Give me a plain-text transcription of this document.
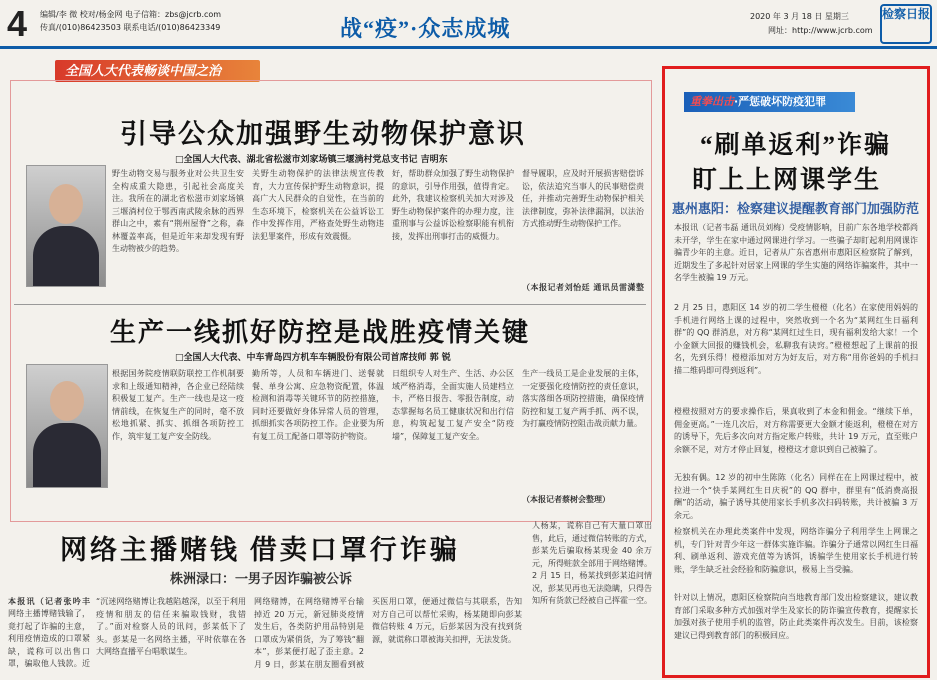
4 编辑/李 微 校对/杨金网 电子信箱：zbs@jcrb.com
传真/(010)86423503 联系电话/(010)86423349	战“疫”·众志成城	2020 年 3 月 18 日 星期三
网址：http://www.jcrb.com
检察日报
全国人大代表畅谈中国之治
引导公众加强野生动物保护意识
□全国人大代表、湖北省松滋市刘家场镇三堰淌村党总支书记 吉明东
野生动物交易与服务业对公共卫生安全构成重大隐患，引起社会高度关注。我所在的湖北省松滋市刘家场镇三堰淌村位于鄂西南武陵余脉的西界群山之中，素有“荆州屋脊”之称，森林覆盖率高，但是近年来却发现有野生动物被少的趋势。
关野生动物保护的法律法规宣传教育，大力宣传保护野生动物意识，提高广大人民群众的自觉性，在当前的生态环境下，检察机关在公益诉讼工作中发挥作用，严格查处野生动物违法犯罪案件，形成有效震慑。
好，帮助群众加强了野生动物保护的意识，引导作用强，值得肯定。此外，我建议检察机关加大对涉及野生动物保护案件的办理力度，注重刑事与公益诉讼检察职能有机衔接，发挥出刑事打击的威慑力。
督导履职，应及时开展损害赔偿诉讼，依法追究当事人的民事赔偿责任，并推动完善野生动物保护相关法律制度，弥补法律漏洞，以法治方式推动野生动物保护工作。
（本报记者刘怡廷 通讯员雷潇整
生产一线抓好防控是战胜疫情关键
□全国人大代表、中车青岛四方机车车辆股份有限公司首席技师 郭 锐
根据国务院疫情联防联控工作机制要求和上级通知精神，各企业已经陆续积极复工复产。生产一线也是这一疫情前线，在恢复生产的同时，毫不放松地抓紧、抓实、抓细各项防控工作，筑牢复工复产安全防线。
勤所等，人员和车辆进门、送餐就餐、单身公寓、应急物资配置，体温检测和消毒等关键环节的防控措施，同时还要做好身体异常人员的管理，抓细抓实各项防控工作。企业要为所有复工员工配备口罩等防护物资。
日组织专人对生产、生活、办公区域严格消毒，全面实施人员建档立卡，严格日报告、零报告制度，动态掌握每名员工健康状况和出行信息，构筑起复工复产安全“防疫墙”，保障复工复产安全。
生产一线员工是企业发展的主体，一定要强化疫情防控的责任意识，落实落细各项防控措施，确保疫情防控和复工复产两手抓、两不误，为打赢疫情防控阻击战贡献力量。
（本报记者蔡树会整理）
网络主播赌钱 借卖口罩行诈骗
株洲渌口：一男子因诈骗被公诉
本报讯（记者张吟丰
网络主播博赌钱输了，竟打起了诈骗的主意，利用疫情造成的口罩紧缺，谎称可以出售口罩，骗取他人钱款。近
“沉迷网络赌博让我越陷越深，以至于利用疫情和朋友的信任来骗取钱财，我错了。”面对检察人员的讯问，彭某低下了头。彭某是一名网络主播，平时依靠在各大网络直播平台唱歌谋生。
网络赌博，在网络赌博平台输掉近 20 万元，新冠肺炎疫情发生后，各类防护用品特别是口罩成为紧俏货，为了筹钱“翻本”，彭某便打起了歪主意。2 月 9 日，彭某在朋友圈看到被
买医用口罩，便通过微信与其联系，告知对方自己可以帮忙采购，杨某随即向彭某微信转账 4 万元，后彭某因为没有找到货源，就谎称口罩被海关扣押，无法发货。
人杨某，谎称自己有大量口罩出售，此后，通过微信转账的方式，彭某先后骗取杨某现金 40 余万元，所得赃款全部用于网络赌博。2 月 15 日，杨某找到彭某追问情况，彭某见再也无法隐瞒，只得告知所有货款已经被自己挥霍一空。
重拳出击·严惩破坏防疫犯罪
“刷单返利”诈骗
盯上上网课学生
惠州惠阳：检察建议提醒教育部门加强防范
本报讯（记者韦磊 通讯员刘梅）受疫情影响，目前广东各地学校都尚未开学，学生在家中通过网课进行学习。一些骗子却盯起利用网课诈骗青少年的主意。近日，记者从广东省惠州市惠阳区检察院了解到，近期发生了多起针对居家上网课的学生实施的网络诈骗案件，其中一名学生被骗 19 万元。
2 月 25 日，惠阳区 14 岁的初二学生橙橙（化名）在家使用妈妈的手机进行网络上课的过程中，突然收到一个名为“某网红生日福利群”的 QQ 群消息，对方称“某网红过生日，现有福利发给大家！一个小金额大回报的赚钱机会，私聊我有诀窍。”橙橙想起了上课前的报名，先到乐得！橙橙添加对方为好友后，对方称“用你爸妈的手机扫描二维码即可得到返利”。
橙橙按照对方的要求操作后，果真收到了本金和佣金。“继续下单，佣金更高。”一连几次后，对方称需要更大金额才能返利，橙橙在对方的诱导下，先后多次向对方指定账户转账，共计 19 万元，直至账户余额不足，对方才停止回复，橙橙这才意识到自己被骗了。
无独有偶。12 岁的初中生陈陈（化名）同样在在上网课过程中，被拉进一个“快手某网红生日庆祝”的 QQ 群中，群里有“低消费高报酬”的活动，骗子诱导其使用家长手机多次扫码转账，共计被骗 3 万余元。
检察机关在办理此类案件中发现，网络诈骗分子利用学生上网课之机，专门针对青少年这一群体实施诈骗。诈骗分子通常以网红生日福利、刷单返利、游戏充值等为诱饵，诱骗学生使用家长手机进行转账，学生缺乏社会经验和防骗意识，极易上当受骗。
针对以上情况，惠阳区检察院向当地教育部门发出检察建议，建议教育部门采取多种方式加强对学生及家长的防诈骗宣传教育，提醒家长加强对孩子使用手机的监管，防止此类案件再次发生。目前，该检察建议已得到教育部门的积极回应。
